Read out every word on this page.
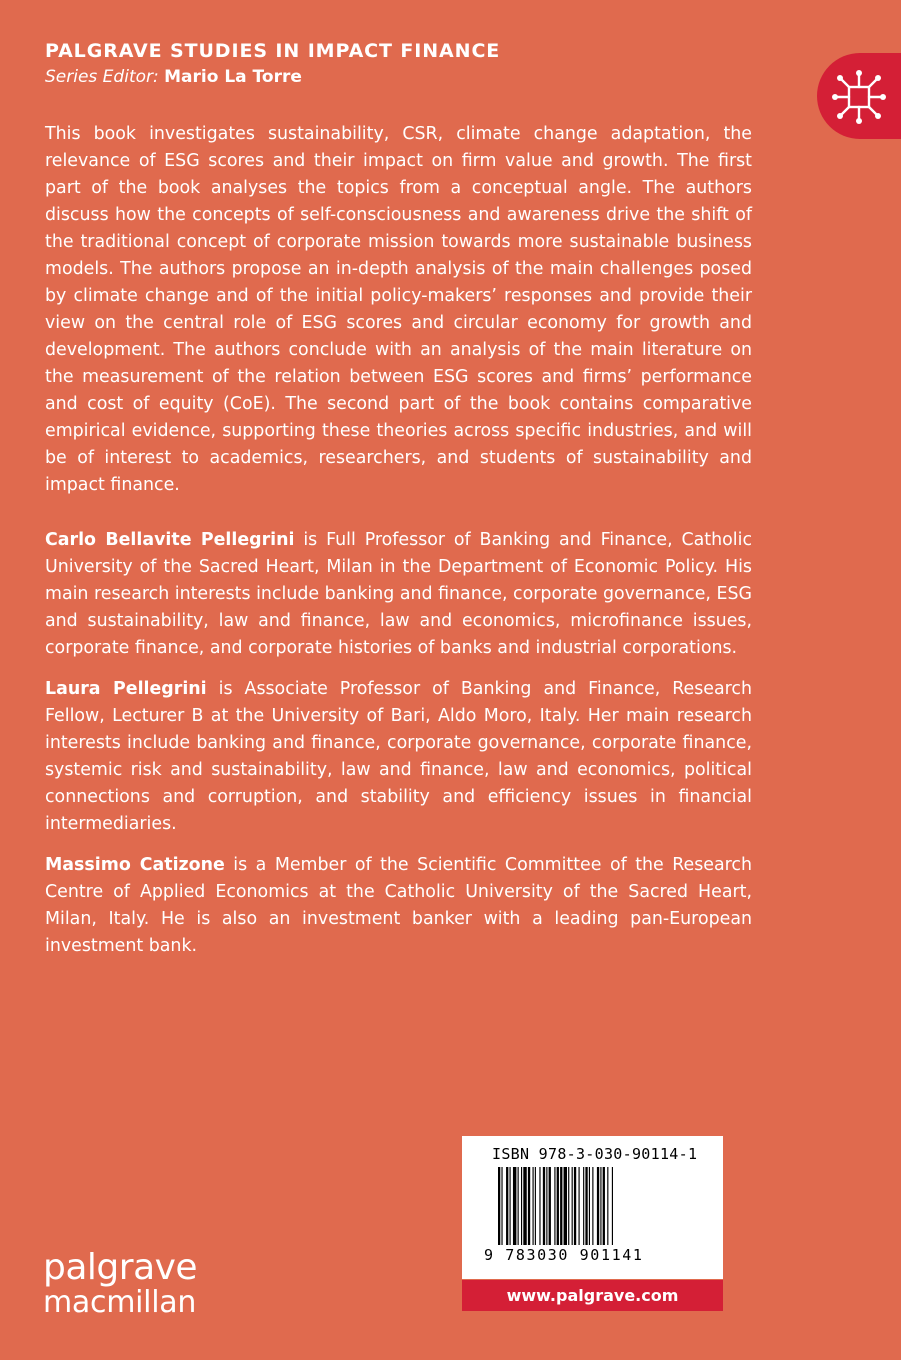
PALGRAVE STUDIES IN IMPACT FINANCE
Series Editor: Mario La Torre

This book investigates sustainability, CSR, climate change adaptation, the relevance of ESG scores and their impact on firm value and growth. The first part of the book analyses the topics from a conceptual angle. The authors discuss how the concepts of self-consciousness and awareness drive the shift of the traditional concept of corporate mission towards more sustainable business models. The authors propose an in-depth analysis of the main challenges posed by climate change and of the initial policy-makers’ responses and provide their view on the central role of ESG scores and circular economy for growth and development. The authors conclude with an analysis of the main literature on the measurement of the relation between ESG scores and firms’ performance and cost of equity (CoE). The second part of the book contains comparative empirical evidence, supporting these theories across specific industries, and will be of interest to academics, researchers, and students of sustainability and impact finance.

Carlo Bellavite Pellegrini is Full Professor of Banking and Finance, Catholic University of the Sacred Heart, Milan in the Department of Economic Policy. His main research interests include banking and finance, corporate governance, ESG and sustainability, law and finance, law and economics, microfinance issues, corporate finance, and corporate histories of banks and industrial corporations.

Laura Pellegrini is Associate Professor of Banking and Finance, Research Fellow, Lecturer B at the University of Bari, Aldo Moro, Italy. Her main research interests include banking and finance, corporate governance, corporate finance, systemic risk and sustainability, law and finance, law and economics, political connections and corruption, and stability and efficiency issues in financial intermediaries.

Massimo Catizone is a Member of the Scientific Committee of the Research Centre of Applied Economics at the Catholic University of the Sacred Heart, Milan, Italy. He is also an investment banker with a leading pan-European investment bank.

ISBN 978-3-030-90114-1
9 783030 901141
www.palgrave.com
palgrave
macmillan
